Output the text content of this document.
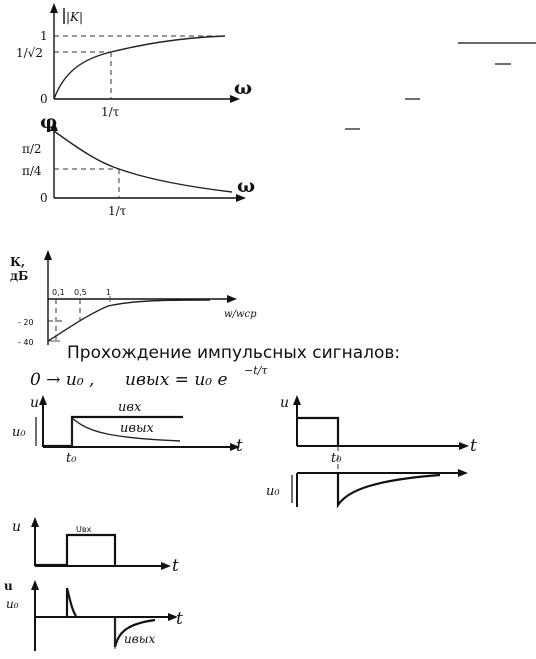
|K|
1
1/√2
0
1/τ
ω
φ
π/2
π/4
0
1/τ
ω
К,
дБ
0,1 0,5 1
- 20
- 40
w/wср
Прохождение импульсных сигналов:
0 → u₀ , uвых = u₀ e −t/τ
u
u₀
t₀
t
uвх
uвых
u
t₀
t
u₀
u	Uвх
t
u
u₀
t
uвых
